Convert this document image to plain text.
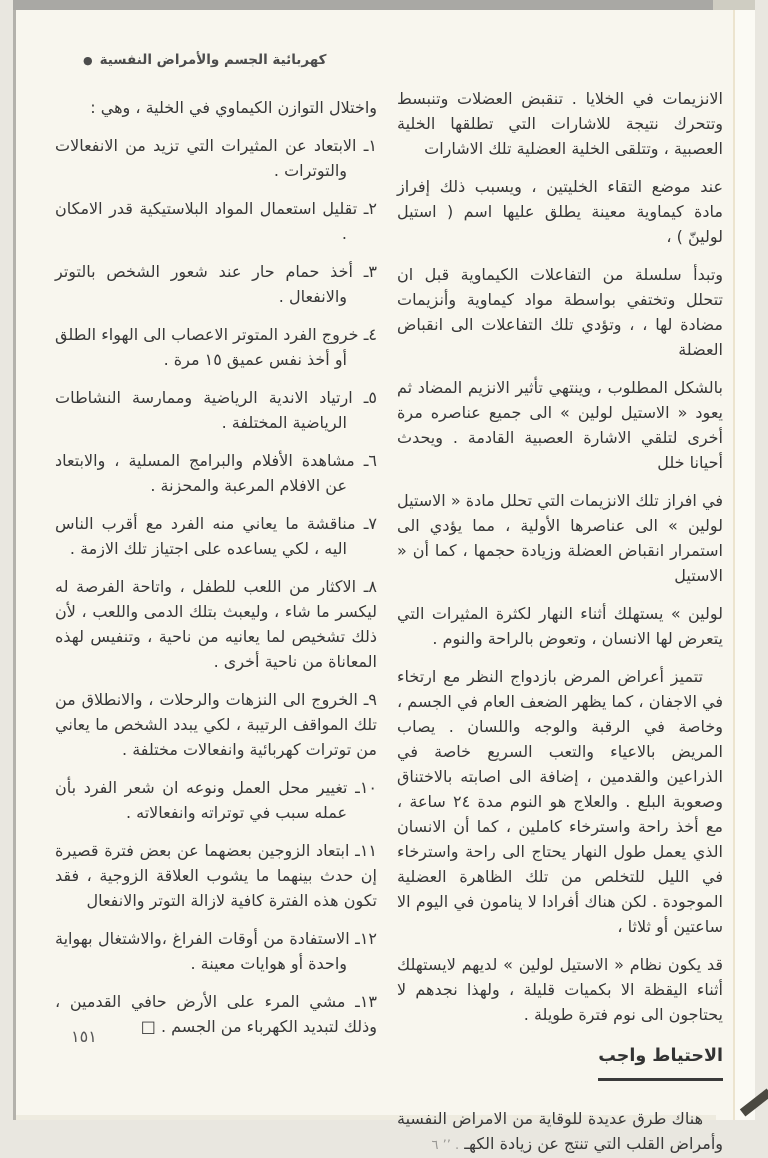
كهربائية الجسم والأمراض النفسية
●

الانزيمات في الخلايا . تنقبض العضلات وتنبسط وتتحرك نتيجة للاشارات التي تطلقها الخلية العصبية ، وتتلقى الخلية العضلية تلك الاشارات

عند موضع التقاء الخليتين ، ويسبب ذلك إفراز مادة كيماوية معينة يطلق عليها اسم ( استيل لولينّ ) ،

وتبدأ سلسلة من التفاعلات الكيماوية قبل ان تتحلل وتختفي بواسطة مواد كيماوية وأنزيمات مضادة لها ، ، وتؤدي تلك التفاعلات الى انقباض العضلة

بالشكل المطلوب ، وينتهي تأثير الانزيم المضاد ثم يعود « الاستيل لولين » الى جميع عناصره مرة أخرى لتلقي الاشارة العصبية القادمة . ويحدث أحيانا خلل

في افراز تلك الانزيمات التي تحلل مادة « الاستيل لولين » الى عناصرها الأولية ، مما يؤدي الى استمرار انقباض العضلة وزيادة حجمها ، كما أن « الاستيل

لولين » يستهلك أثناء النهار لكثرة المثيرات التي يتعرض لها الانسان ، وتعوض بالراحة والنوم .

تتميز أعراض المرض بازدواج النظر مع ارتخاء في الاجفان ، كما يظهر الضعف العام في الجسم ، وخاصة في الرقبة والوجه واللسان . يصاب المريض بالاعياء والتعب السريع خاصة في الذراعين والقدمين ، إضافة الى اصابته بالاختناق وصعوبة البلع . والعلاج هو النوم مدة ٢٤ ساعة ، مع أخذ راحة واسترخاء كاملين ، كما أن الانسان الذي يعمل طول النهار يحتاج الى راحة واسترخاء في الليل للتخلص من تلك الظاهرة العضلية الموجودة . لكن هناك أفرادا لا ينامون في اليوم الا ساعتين أو ثلاثا ،

قد يكون نظام « الاستيل لولين » لديهم لايستهلك أثناء اليقظة الا بكميات قليلة ، ولهذا نجدهم لا يحتاجون الى نوم فترة طويلة .

الاحتياط واجب

هناك طرق عديدة للوقاية من الامراض النفسية وأمراض القلب التي تنتج عن زيادة الكهـ . ٬٬ ٦

واختلال التوازن الكيماوي في الخلية ، وهي :

١ـ الابتعاد عن المثيرات التي تزيد من الانفعالات والتوترات .

٢ـ تقليل استعمال المواد البلاستيكية قدر الامكان .

٣ـ أخذ حمام حار عند شعور الشخص بالتوتر والانفعال .

٤ـ خروج الفرد المتوتر الاعصاب الى الهواء الطلق أو أخذ نفس عميق ١٥ مرة .

٥ـ ارتياد الاندية الرياضية وممارسة النشاطات الرياضية المختلفة .

٦ـ مشاهدة الأفلام والبرامج المسلية ، والابتعاد عن الافلام المرعبة والمحزنة .

٧ـ مناقشة ما يعاني منه الفرد مع أقرب الناس اليه ، لكي يساعده على اجتياز تلك الازمة .

٨ـ الاكثار من اللعب للطفل ، واتاحة الفرصة له ليكسر ما شاء ، وليعبث بتلك الدمى واللعب ، لأن ذلك تشخيص لما يعانيه من ناحية ، وتنفيس لهذه المعاناة من ناحية أخرى .

٩ـ الخروج الى النزهات والرحلات ، والانطلاق من تلك المواقف الرتيبة ، لكي يبدد الشخص ما يعاني من توترات كهربائية وانفعالات مختلفة .

١٠ـ تغيير محل العمل ونوعه ان شعر الفرد بأن عمله سبب في توتراته وانفعالاته .

١١ـ ابتعاد الزوجين بعضهما عن بعض فترة قصيرة إن حدث بينهما ما يشوب العلاقة الزوجية ، فقد تكون هذه الفترة كافية لازالة التوتر والانفعال

١٢ـ الاستفادة من أوقات الفراغ ،والاشتغال بهواية واحدة أو هوايات معينة .

١٣ـ مشي المرء على الأرض حافي القدمين ، وذلك لتبديد الكهرباء من الجسم . □

١٥١
